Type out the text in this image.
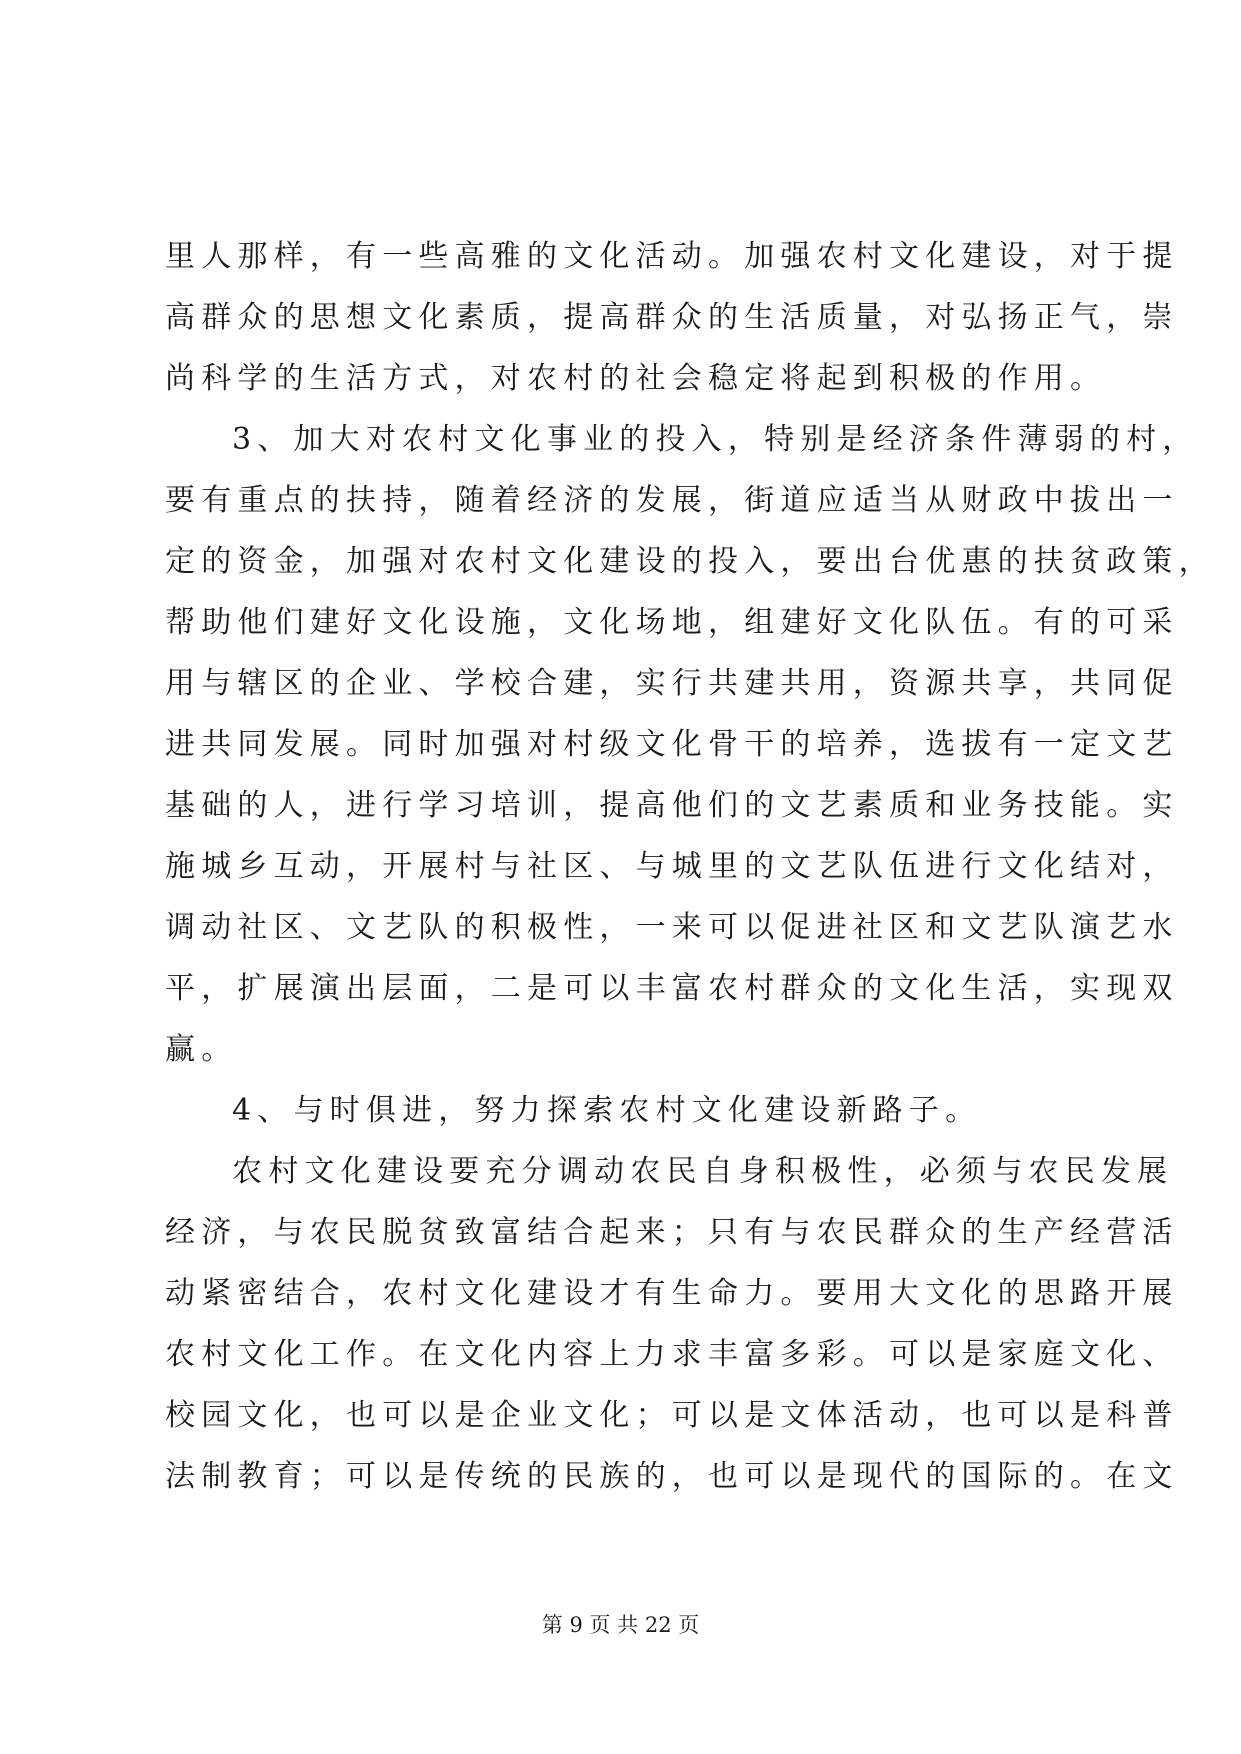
里人那样，有一些高雅的文化活动。加强农村文化建设，对于提
高群众的思想文化素质，提高群众的生活质量，对弘扬正气，崇
尚科学的生活方式，对农村的社会稳定将起到积极的作用。
3、加大对农村文化事业的投入，特别是经济条件薄弱的村，
要有重点的扶持，随着经济的发展，街道应适当从财政中拔出一
定的资金，加强对农村文化建设的投入，要出台优惠的扶贫政策，
帮助他们建好文化设施，文化场地，组建好文化队伍。有的可采
用与辖区的企业、学校合建，实行共建共用，资源共享，共同促
进共同发展。同时加强对村级文化骨干的培养，选拔有一定文艺
基础的人，进行学习培训，提高他们的文艺素质和业务技能。实
施城乡互动，开展村与社区、与城里的文艺队伍进行文化结对，
调动社区、文艺队的积极性，一来可以促进社区和文艺队演艺水
平，扩展演出层面，二是可以丰富农村群众的文化生活，实现双
赢。
4、与时俱进，努力探索农村文化建设新路子。
农村文化建设要充分调动农民自身积极性，必须与农民发展
经济，与农民脱贫致富结合起来；只有与农民群众的生产经营活
动紧密结合，农村文化建设才有生命力。要用大文化的思路开展
农村文化工作。在文化内容上力求丰富多彩。可以是家庭文化、
校园文化，也可以是企业文化；可以是文体活动，也可以是科普
法制教育；可以是传统的民族的，也可以是现代的国际的。在文
第 9 页 共 22 页
